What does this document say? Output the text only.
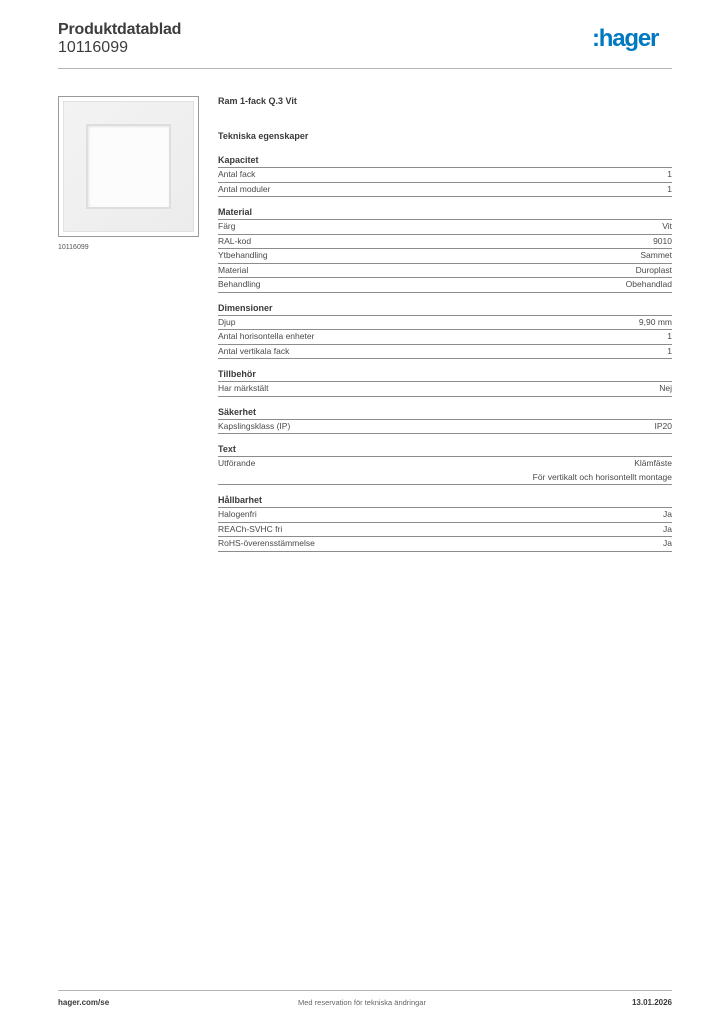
Produktdatablad
10116099	:hager
10116099
Ram 1-fack Q.3 Vit
Tekniska egenskaper
Kapacitet
Antal fack	1
Antal moduler	1
Material
Färg	Vit
RAL-kod	9010
Ytbehandling	Sammet
Material	Duroplast
Behandling	Obehandlad
Dimensioner
Djup	9,90 mm
Antal horisontella enheter	1
Antal vertikala fack	1
Tillbehör
Har märkstält	Nej
Säkerhet
Kapslingsklass (IP)	IP20
Text
Utförande	Klämfäste
För vertikalt och horisontellt montage
Hållbarhet
Halogenfri	Ja
REACh-SVHC fri	Ja
RoHS-överensstämmelse	Ja
hager.com/se	Med reservation för tekniska ändringar	13.01.2026
